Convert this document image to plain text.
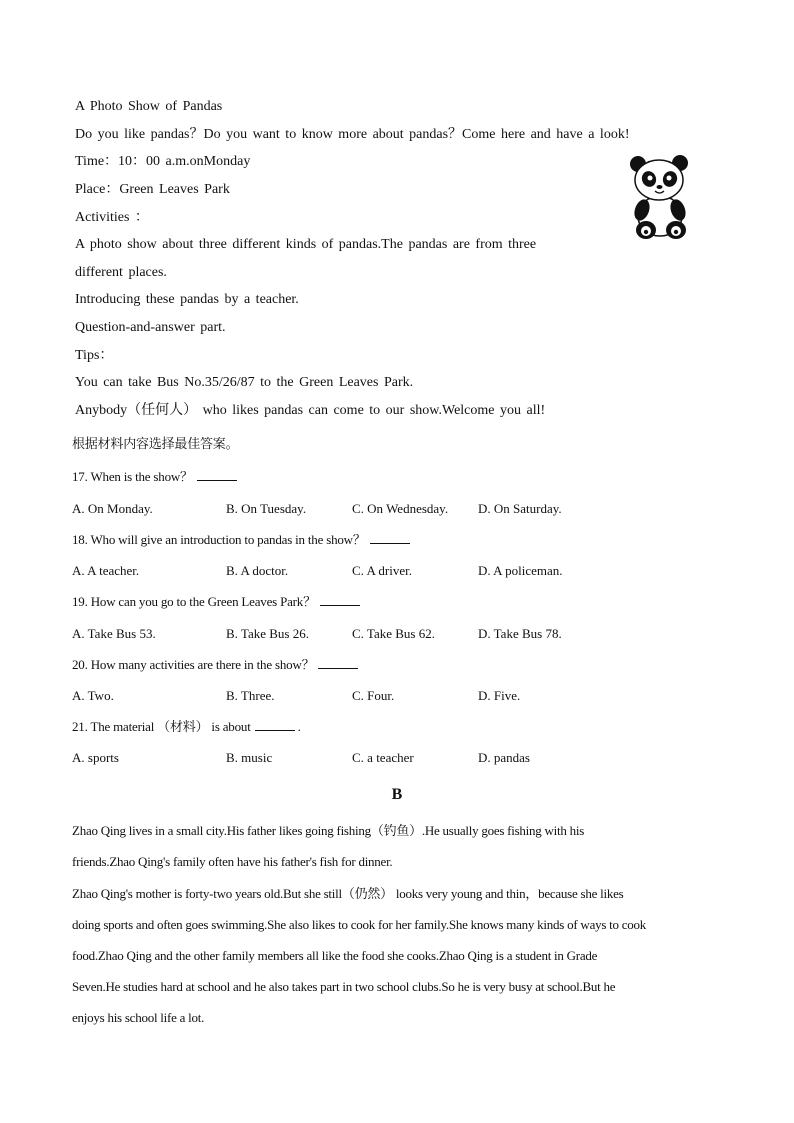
A Photo Show of Pandas
Do you like pandas？Do you want to know more about pandas？Come here and have a look!
Time：10：00 a.m.onMonday
Place：Green Leaves Park
Activities ：
A photo show about three different kinds of pandas.The pandas are from three
different places.
Introducing these pandas by a teacher.
Question-and-answer part.
Tips：
You can take Bus No.35/26/87 to the Green Leaves Park.
Anybody（任何人） who likes pandas can come to our show.Welcome you all!
根据材料内容选择最佳答案。
17. When is the show？
A. On Monday.	B. On Tuesday.	C. On Wednesday. D. On Saturday.
18. Who will give an introduction to pandas in the show？
A. A teacher.	B. A doctor.	C. A driver.	D. A policeman.
19. How can you go to the Green Leaves Park？
A. Take Bus 53.	B. Take Bus 26.	C. Take Bus 62.	D. Take Bus 78.
20. How many activities are there in the show？
A. Two.	B. Three.	C. Four.	D. Five.
21. The material （材料） is about	.
A. sports	B. music	C. a teacher	D. pandas
B
Zhao Qing lives in a small city.His father likes going fishing（钓鱼）.He usually goes fishing with his
friends.Zhao Qing's family often have his father's fish for dinner.
Zhao Qing's mother is forty-two years old.But she still（仍然） looks very young and thin，because she likes
doing sports and often goes swimming.She also likes to cook for her family.She knows many kinds of ways to cook
food.Zhao Qing and the other family members all like the food she cooks.Zhao Qing is a student in Grade
Seven.He studies hard at school and he also takes part in two school clubs.So he is very busy at school.But he
enjoys his school life a lot.
